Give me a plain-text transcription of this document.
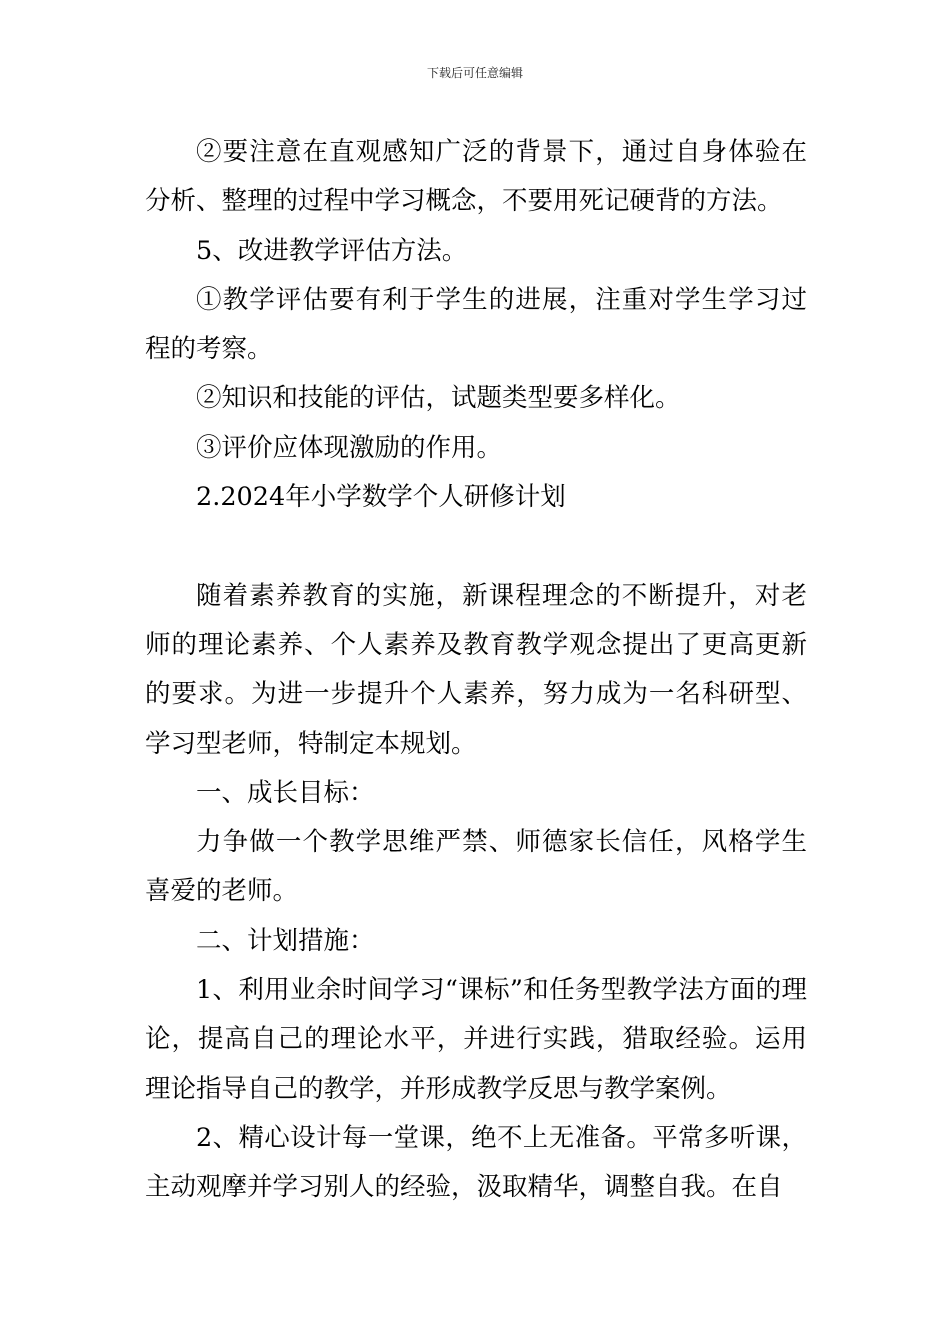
下载后可任意编辑

②要注意在直观感知广泛的背景下，通过自身体验在分析、整理的过程中学习概念，不要用死记硬背的方法。

5、改进教学评估方法。

①教学评估要有利于学生的进展，注重对学生学习过程的考察。

②知识和技能的评估，试题类型要多样化。

③评价应体现激励的作用。

2.2024年小学数学个人研修计划

随着素养教育的实施，新课程理念的不断提升，对老师的理论素养、个人素养及教育教学观念提出了更高更新的要求。为进一步提升个人素养，努力成为一名科研型、学习型老师，特制定本规划。

一、成长目标：

力争做一个教学思维严禁、师德家长信任，风格学生喜爱的老师。

二、计划措施：

1、利用业余时间学习“课标”和任务型教学法方面的理论，提高自己的理论水平，并进行实践，猎取经验。运用理论指导自己的教学，并形成教学反思与教学案例。

2、精心设计每一堂课，绝不上无准备。平常多听课，主动观摩并学习别人的经验，汲取精华，调整自我。在自
